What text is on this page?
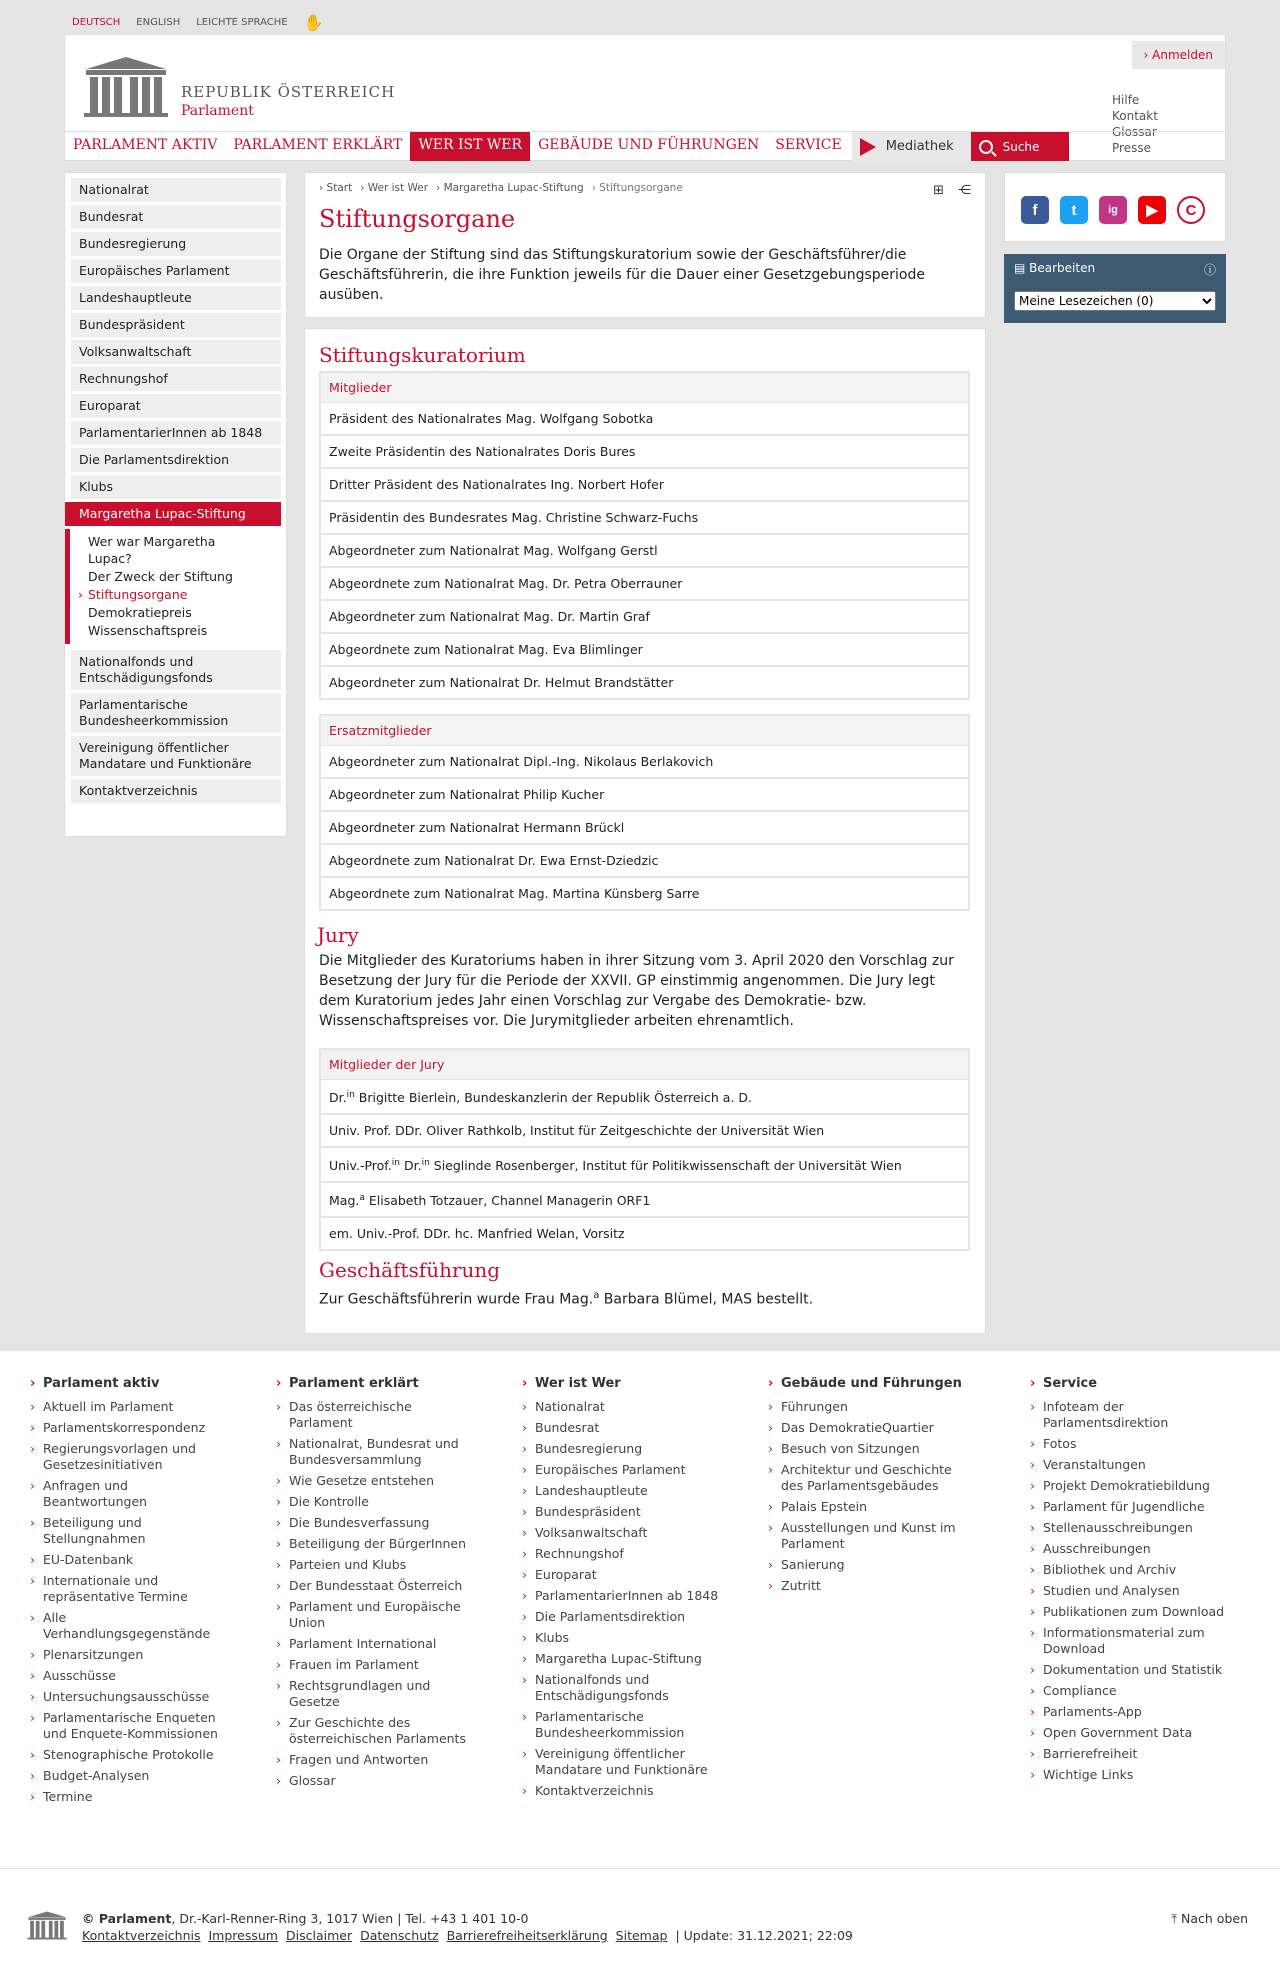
DEUTSCH ENGLISH LEICHTE SPRACHE ✋
REPUBLIK ÖSTERREICH
Parlament
› Anmelden
Hilfe
Kontakt
Glossar
Presse
PARLAMENT AKTIV	PARLAMENT ERKLÄRT	WER IST WER	GEBÄUDE UND FÜHRUNGEN	SERVICE	Mediathek	Suche
Nationalrat
Bundesrat
Bundesregierung
Europäisches Parlament
Landeshauptleute
Bundespräsident
Volksanwaltschaft
Rechnungshof
Europarat
ParlamentarierInnen ab 1848
Die Parlamentsdirektion
Klubs
Margaretha Lupac-Stiftung
Wer war Margaretha Lupac?
Der Zweck der Stiftung
› Stiftungsorgane
Demokratiepreis
Wissenschaftspreis
Nationalfonds und Entschädigungsfonds
Parlamentarische Bundesheerkommission
Vereinigung öffentlicher Mandatare und Funktionäre
Kontaktverzeichnis
› Start	› Wer ist Wer	› Margaretha Lupac-Stiftung	› Stiftungsorgane	⊞ ⋲
Stiftungsorgane

Die Organe der Stiftung sind das Stiftungskuratorium sowie der Geschäftsführer/die Geschäftsführerin, die ihre Funktion jeweils für die Dauer einer Gesetzgebungsperiode ausüben.

Stiftungskuratorium
Mitglieder
Präsident des Nationalrates Mag. Wolfgang Sobotka
Zweite Präsidentin des Nationalrates Doris Bures
Dritter Präsident des Nationalrates Ing. Norbert Hofer
Präsidentin des Bundesrates Mag. Christine Schwarz-Fuchs
Abgeordneter zum Nationalrat Mag. Wolfgang Gerstl
Abgeordnete zum Nationalrat Mag. Dr. Petra Oberrauner
Abgeordneter zum Nationalrat Mag. Dr. Martin Graf
Abgeordnete zum Nationalrat Mag. Eva Blimlinger
Abgeordneter zum Nationalrat Dr. Helmut Brandstätter
Ersatzmitglieder
Abgeordneter zum Nationalrat Dipl.-Ing. Nikolaus Berlakovich
Abgeordneter zum Nationalrat Philip Kucher
Abgeordneter zum Nationalrat Hermann Brückl
Abgeordnete zum Nationalrat Dr. Ewa Ernst-Dziedzic
Abgeordnete zum Nationalrat Mag. Martina Künsberg Sarre
Jury

Die Mitglieder des Kuratoriums haben in ihrer Sitzung vom 3. April 2020 den Vorschlag zur Besetzung der Jury für die Periode der XXVII. GP einstimmig angenommen. Die Jury legt dem Kuratorium jedes Jahr einen Vorschlag zur Vergabe des Demokratie- bzw. Wissenschaftspreises vor. Die Jurymitglieder arbeiten ehrenamtlich.

Mitglieder der Jury
Dr.$^{in}$ Brigitte Bierlein, Bundeskanzlerin der Republik Österreich a. D.
Univ. Prof. DDr. Oliver Rathkolb, Institut für Zeitgeschichte der Universität Wien
Univ.-Prof.$^{in}$ Dr.$^{in}$ Sieglinde Rosenberger, Institut für Politikwissenschaft der Universität Wien
Mag.$^a$ Elisabeth Totzauer, Channel Managerin ORF1
em. Univ.-Prof. DDr. hc. Manfried Welan, Vorsitz
Geschäftsführung

Zur Geschäftsführerin wurde Frau Mag.$^a$ Barbara Blümel, MAS bestellt.

f	t	ig	▶	C
▤ Bearbeiten	ⓘ
Meine Lesezeichen (0)
› Parlament aktiv
› Aktuell im Parlament
› Parlamentskorrespondenz
› Regierungsvorlagen und Gesetzesinitiativen
› Anfragen und Beantwortungen
› Beteiligung und Stellungnahmen
› EU-Datenbank
› Internationale und repräsentative Termine
› Alle Verhandlungsgegenstände
› Plenarsitzungen
› Ausschüsse
› Untersuchungsausschüsse
› Parlamentarische Enqueten und Enquete-Kommissionen
› Stenographische Protokolle
› Budget-Analysen
› Termine
› Parlament erklärt
› Das österreichische Parlament
› Nationalrat, Bundesrat und Bundesversammlung
› Wie Gesetze entstehen
› Die Kontrolle
› Die Bundesverfassung
› Beteiligung der BürgerInnen
› Parteien und Klubs
› Der Bundesstaat Österreich
› Parlament und Europäische Union
› Parlament International
› Frauen im Parlament
› Rechtsgrundlagen und Gesetze
› Zur Geschichte des österreichischen Parlaments
› Fragen und Antworten
› Glossar
› Wer ist Wer
› Nationalrat
› Bundesrat
› Bundesregierung
› Europäisches Parlament
› Landeshauptleute
› Bundespräsident
› Volksanwaltschaft
› Rechnungshof
› Europarat
› ParlamentarierInnen ab 1848
› Die Parlamentsdirektion
› Klubs
› Margaretha Lupac-Stiftung
› Nationalfonds und Entschädigungsfonds
› Parlamentarische Bundesheerkommission
› Vereinigung öffentlicher Mandatare und Funktionäre
› Kontaktverzeichnis
› Gebäude und Führungen
› Führungen
› Das DemokratieQuartier
› Besuch von Sitzungen
› Architektur und Geschichte des Parlamentsgebäudes
› Palais Epstein
› Ausstellungen und Kunst im Parlament
› Sanierung
› Zutritt
› Service
› Infoteam der Parlamentsdirektion
› Fotos
› Veranstaltungen
› Projekt Demokratiebildung
› Parlament für Jugendliche
› Stellenausschreibungen
› Ausschreibungen
› Bibliothek und Archiv
› Studien und Analysen
› Publikationen zum Download
› Informationsmaterial zum Download
› Dokumentation und Statistik
› Compliance
› Parlaments-App
› Open Government Data
› Barrierefreiheit
› Wichtige Links
© Parlament, Dr.-Karl-Renner-Ring 3, 1017 Wien | Tel. +43 1 401 10-0
Kontaktverzeichnis Impressum Disclaimer Datenschutz Barrierefreiheitserklärung Sitemap | Update: 31.12.2021; 22:09
⤒ Nach oben
